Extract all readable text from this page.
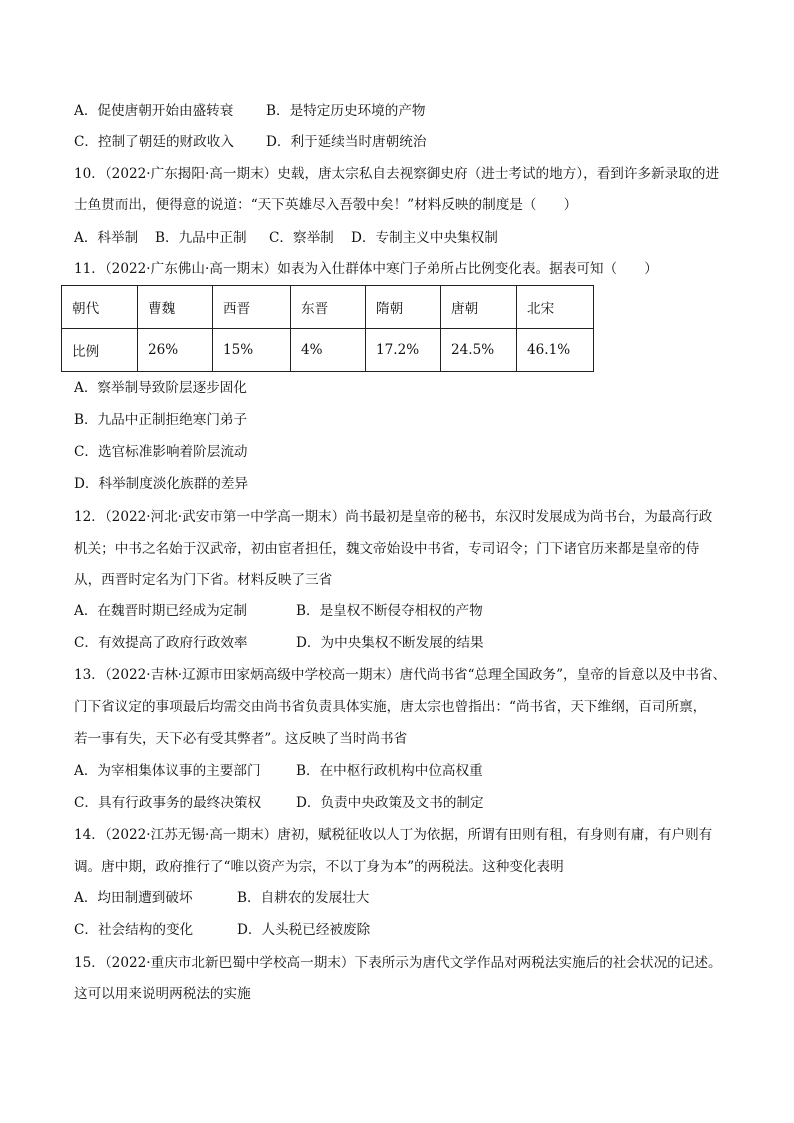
A．促使唐朝开始由盛转衰 B．是特定历史环境的产物
C．控制了朝廷的财政收入 D．利于延续当时唐朝统治
10．（2022·广东揭阳·高一期末）史载，唐太宗私自去视察御史府（进士考试的地方），看到许多新录取的进
士鱼贯而出，便得意的说道：“天下英雄尽入吾彀中矣！”材料反映的制度是（　　）
A．科举制 B．九品中正制 C．察举制 D．专制主义中央集权制
11．（2022·广东佛山·高一期末）如表为入仕群体中寒门子弟所占比例变化表。据表可知（　　）
朝代	曹魏	西晋	东晋	隋朝	唐朝	北宋
比例	26%	15%	4%	17.2%	24.5%	46.1%
A．察举制导致阶层逐步固化
B．九品中正制拒绝寒门弟子
C．选官标准影响着阶层流动
D．科举制度淡化族群的差异
12．（2022·河北·武安市第一中学高一期末）尚书最初是皇帝的秘书，东汉时发展成为尚书台，为最高行政
机关；中书之名始于汉武帝，初由宦者担任，魏文帝始设中书省，专司诏令；门下诸官历来都是皇帝的侍
从，西晋时定名为门下省。材料反映了三省
A．在魏晋时期已经成为定制	B．是皇权不断侵夺相权的产物
C．有效提高了政府行政效率	D．为中央集权不断发展的结果
13．（2022·吉林·辽源市田家炳高级中学校高一期末）唐代尚书省“总理全国政务”，皇帝的旨意以及中书省、
门下省议定的事项最后均需交由尚书省负责具体实施，唐太宗也曾指出：“尚书省，天下维纲，百司所禀，
若一事有失，天下必有受其弊者”。这反映了当时尚书省
A．为宰相集体议事的主要部门	B．在中枢行政机构中位高权重
C．具有行政事务的最终决策权	D．负责中央政策及文书的制定
14．（2022·江苏无锡·高一期末）唐初，赋税征收以人丁为依据，所谓有田则有租，有身则有庸，有户则有
调。唐中期，政府推行了“唯以资产为宗，不以丁身为本”的两税法。这种变化表明
A．均田制遭到破坏	B．自耕农的发展壮大
C．社会结构的变化	D．人头税已经被废除
15．（2022·重庆市北新巴蜀中学校高一期末）下表所示为唐代文学作品对两税法实施后的社会状况的记述。
这可以用来说明两税法的实施
